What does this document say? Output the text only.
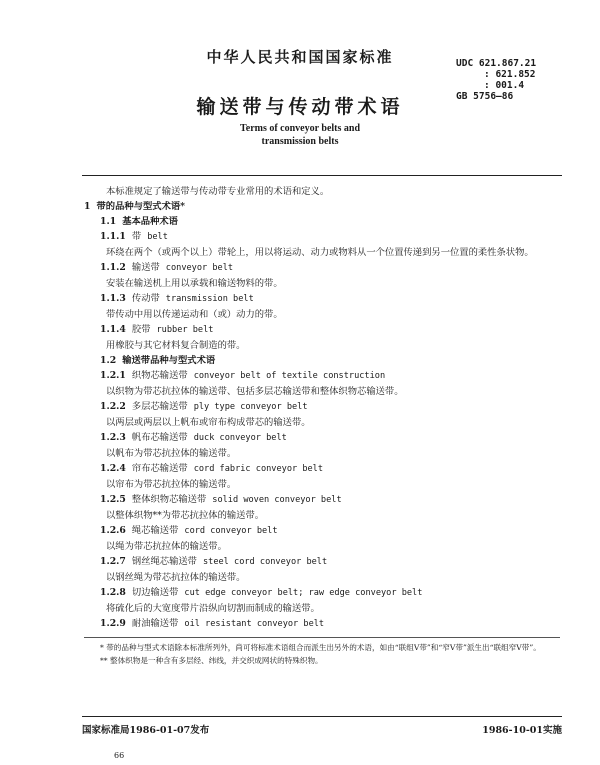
中华人民共和国国家标准	UDC 621.867.21
: 621.852
: 001.4
GB 5756—86
输送带与传动带术语
Terms of conveyor belts and
transmission belts

本标准规定了输送带与传动带专业常用的术语和定义。

1 带的品种与型式术语*

1.1 基本品种术语

1.1.1 带 belt

环绕在两个（或两个以上）带轮上，用以将运动、动力或物料从一个位置传递到另一位置的柔性条状物。

1.1.2 输送带 conveyor belt

安装在输送机上用以承载和输送物料的带。

1.1.3 传动带 transmission belt

带传动中用以传递运动和（或）动力的带。

1.1.4 胶带 rubber belt

用橡胶与其它材料复合制造的带。

1.2 输送带品种与型式术语

1.2.1 织物芯输送带 conveyor belt of textile construction

以织物为带芯抗拉体的输送带、包括多层芯输送带和整体织物芯输送带。

1.2.2 多层芯输送带 ply type conveyor belt

以两层或两层以上帆布或帘布构成带芯的输送带。

1.2.3 帆布芯输送带 duck conveyor belt

以帆布为带芯抗拉体的输送带。

1.2.4 帘布芯输送带 cord fabric conveyor belt

以帘布为带芯抗拉体的输送带。

1.2.5 整体织物芯输送带 solid woven conveyor belt

以整体织物**为带芯抗拉体的输送带。

1.2.6 绳芯输送带 cord conveyor belt

以绳为带芯抗拉体的输送带。

1.2.7 钢丝绳芯输送带 steel cord conveyor belt

以钢丝绳为带芯抗拉体的输送带。

1.2.8 切边输送带 cut edge conveyor belt; raw edge conveyor belt

将硫化后的大宽度带片沿纵向切割而制成的输送带。

1.2.9 耐油输送带 oil resistant conveyor belt

* 带的品种与型式术语除本标准所列外，尚可将标准术语组合而派生出另外的术语，如由“联组V带”和“窄V带”派生出“联组窄V带”。

** 整体织物是一种含有多层经、纬线，并交织成网状的特殊织物。

国家标准局1986-01-07发布	1986-10-01实施
66
